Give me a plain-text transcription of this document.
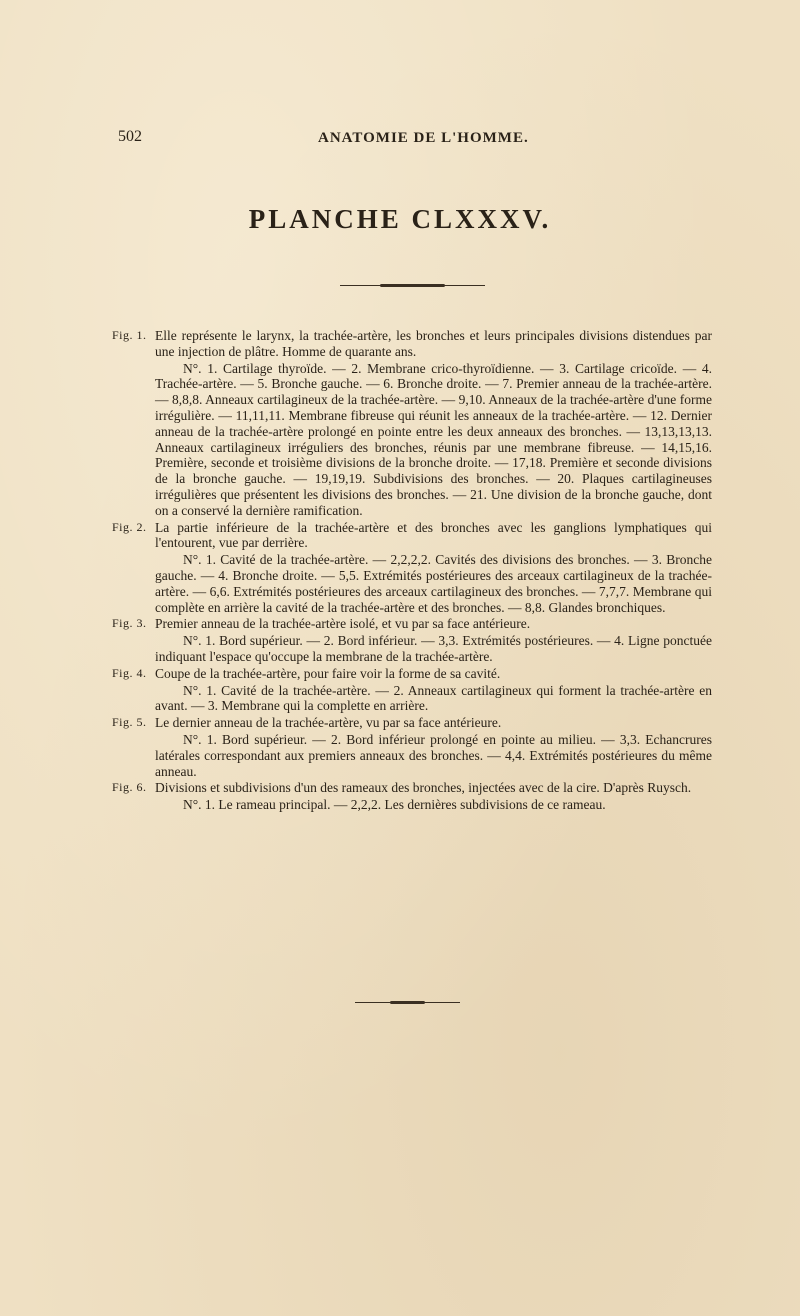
502	ANATOMIE DE L'HOMME.
PLANCHE CLXXXV.
Fig. 1. Elle représente le larynx, la trachée-artère, les bronches et leurs principales divisions distendues par une injection de plâtre. Homme de quarante ans.
N°. 1. Cartilage thyroïde. — 2. Membrane crico-thyroïdienne. — 3. Cartilage cricoïde. — 4. Trachée-artère. — 5. Bronche gauche. — 6. Bronche droite. — 7. Premier anneau de la trachée-artère. — 8,8,8. Anneaux cartilagineux de la trachée-artère. — 9,10. Anneaux de la trachée-artère d'une forme irrégulière. — 11,11,11. Membrane fibreuse qui réunit les anneaux de la trachée-artère. — 12. Dernier anneau de la trachée-artère prolongé en pointe entre les deux anneaux des bronches. — 13,13,13,13. Anneaux cartilagineux irréguliers des bronches, réunis par une membrane fibreuse. — 14,15,16. Première, seconde et troisième divisions de la bronche droite. — 17,18. Première et seconde divisions de la bronche gauche. — 19,19,19. Subdivisions des bronches. — 20. Plaques cartilagineuses irrégulières que présentent les divisions des bronches. — 21. Une division de la bronche gauche, dont on a conservé la dernière ramification.
Fig. 2. La partie inférieure de la trachée-artère et des bronches avec les ganglions lymphatiques qui l'entourent, vue par derrière.
N°. 1. Cavité de la trachée-artère. — 2,2,2,2. Cavités des divisions des bronches. — 3. Bronche gauche. — 4. Bronche droite. — 5,5. Extrémités postérieures des arceaux cartilagineux de la trachée-artère. — 6,6. Extrémités postérieures des arceaux cartilagineux des bronches. — 7,7,7. Membrane qui complète en arrière la cavité de la trachée-artère et des bronches. — 8,8. Glandes bronchiques.
Fig. 3. Premier anneau de la trachée-artère isolé, et vu par sa face antérieure.
N°. 1. Bord supérieur. — 2. Bord inférieur. — 3,3. Extrémités postérieures. — 4. Ligne ponctuée indiquant l'espace qu'occupe la membrane de la trachée-artère.
Fig. 4. Coupe de la trachée-artère, pour faire voir la forme de sa cavité.
N°. 1. Cavité de la trachée-artère. — 2. Anneaux cartilagineux qui forment la trachée-artère en avant. — 3. Membrane qui la complette en arrière.
Fig. 5. Le dernier anneau de la trachée-artère, vu par sa face antérieure.
N°. 1. Bord supérieur. — 2. Bord inférieur prolongé en pointe au milieu. — 3,3. Echancrures latérales correspondant aux premiers anneaux des bronches. — 4,4. Extrémités postérieures du même anneau.
Fig. 6. Divisions et subdivisions d'un des rameaux des bronches, injectées avec de la cire. D'après Ruysch.
N°. 1. Le rameau principal. — 2,2,2. Les dernières subdivisions de ce rameau.
